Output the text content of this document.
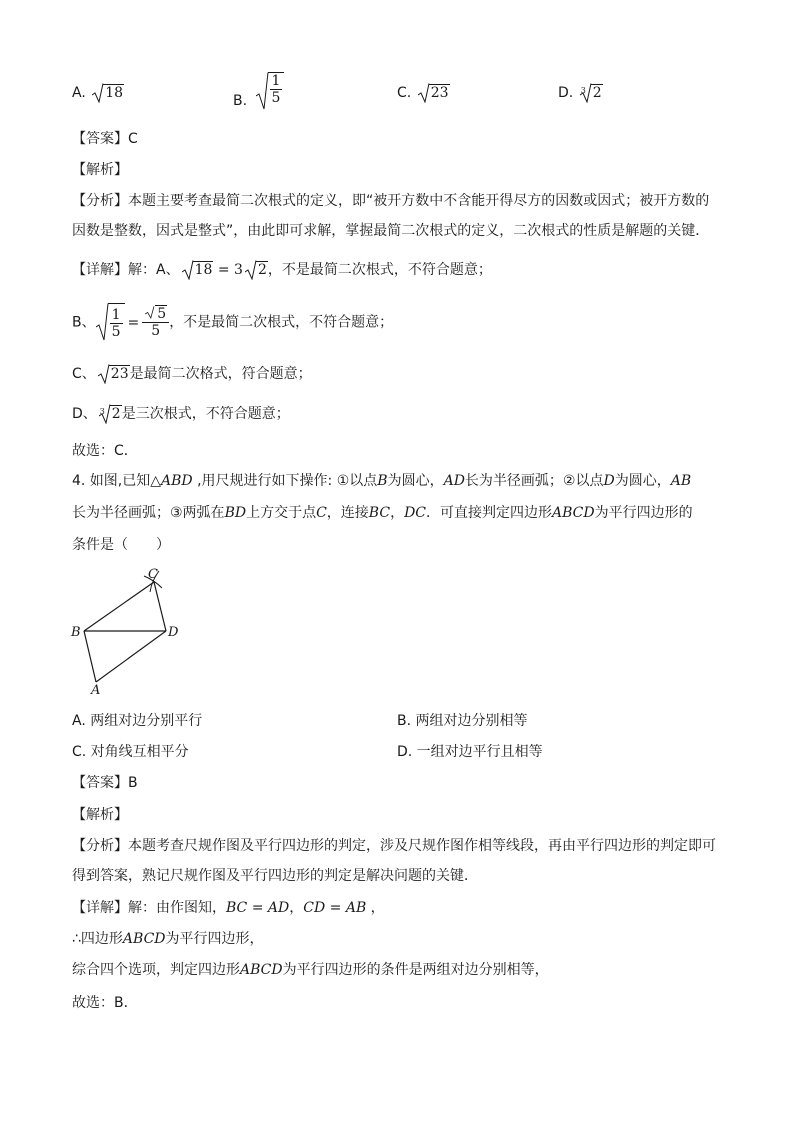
A. 18	B. $\frac{1}{5}$	C. 23	D. 3 2
【答案】C
【解析】
【分析】本题主要考查最简二次根式的定义，即“被开方数中不含能开得尽方的因数或因式；被开方数的
因数是整数，因式是整式”，由此即可求解，掌握最简二次根式的定义，二次根式的性质是解题的关键．
【详解】解：A、 18 = 3 2，不是最简二次根式，不符合题意；
B、 $\frac{1}{5} = \frac{5}{5}$ ，不是最简二次根式，不符合题意；
C、 23是最简二次格式，符合题意；
D、 3 2是三次根式，不符合题意；
故选：C．
4. 如图,已知△ABD ,用尺规进行如下操作: ①以点B为圆心，AD长为半径画弧；②以点D为圆心，AB
长为半径画弧；③两弧在BD上方交于点C，连接BC，DC．可直接判定四边形ABCD为平行四边形的
条件是（　　）
C
B	D
A
A. 两组对边分别平行	B. 两组对边分别相等
C. 对角线互相平分	D. 一组对边平行且相等
【答案】B
【解析】
【分析】本题考查尺规作图及平行四边形的判定，涉及尺规作图作相等线段，再由平行四边形的判定即可
得到答案，熟记尺规作图及平行四边形的判定是解决问题的关键．
【详解】解：由作图知，BC = AD，CD = AB ，
∴四边形ABCD为平行四边形，
综合四个选项，判定四边形ABCD为平行四边形的条件是两组对边分别相等，
故选：B．
